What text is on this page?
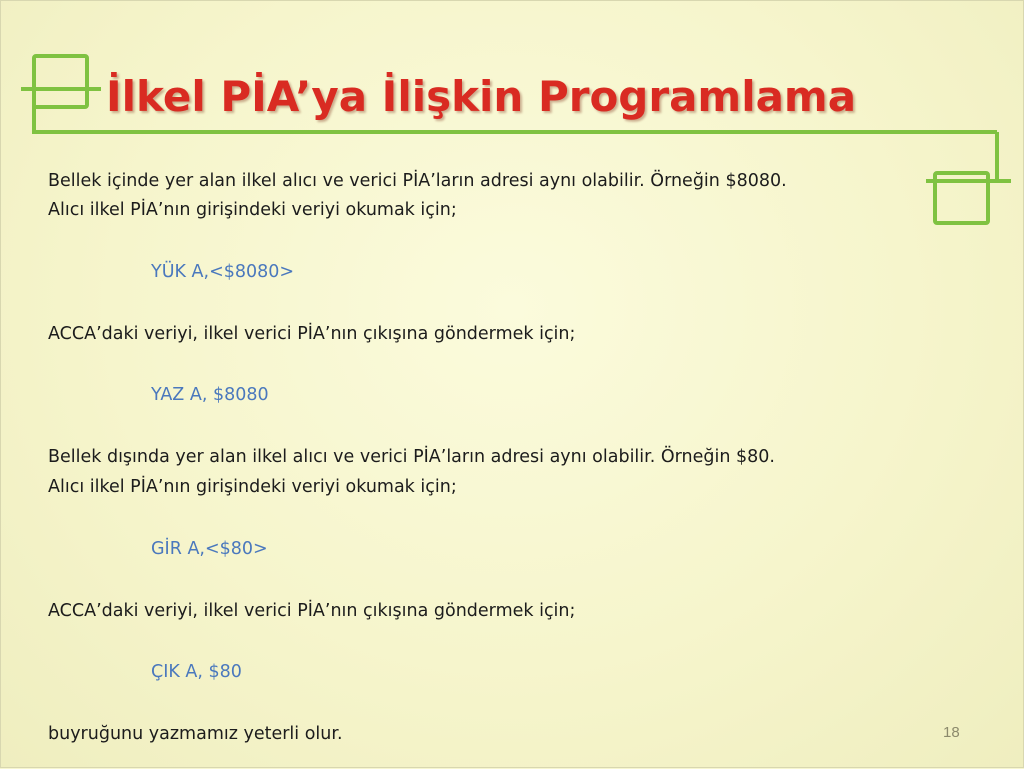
İlkel PİA’ya İlişkin Programlama
Bellek içinde yer alan ilkel alıcı ve verici PİA’ların adresi aynı olabilir. Örneğin $8080.
Alıcı ilkel PİA’nın girişindeki veriyi okumak için;
YÜK A,<$8080>
ACCA’daki veriyi, ilkel verici PİA’nın çıkışına göndermek için;
YAZ A, $8080
Bellek dışında yer alan ilkel alıcı ve verici PİA’ların adresi aynı olabilir. Örneğin $80.
Alıcı ilkel PİA’nın girişindeki veriyi okumak için;
GİR A,<$80>
ACCA’daki veriyi, ilkel verici PİA’nın çıkışına göndermek için;
ÇIK A, $80
buyruğunu yazmamız yeterli olur.	18
